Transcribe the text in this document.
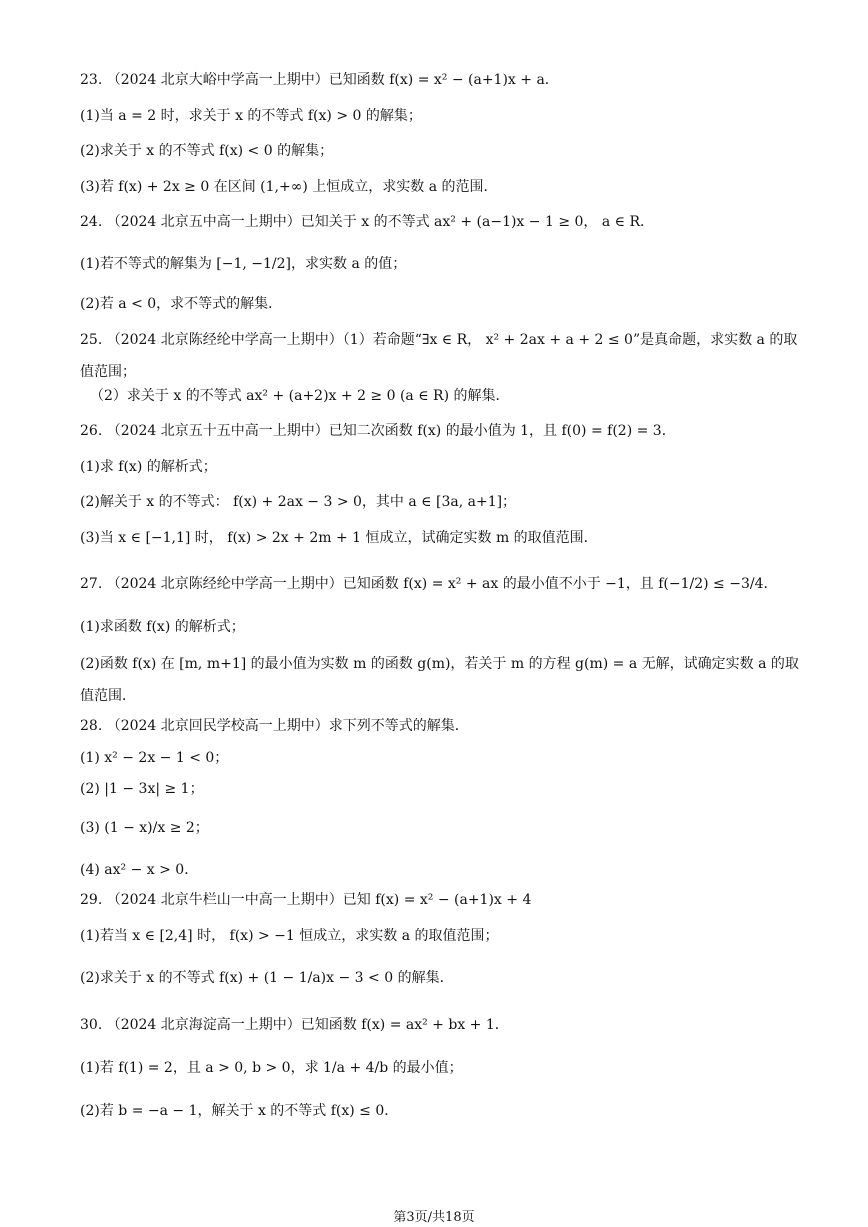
23. （2024 北京大峪中学高一上期中）已知函数 f(x) = x² − (a+1)x + a．
(1)当 a = 2 时，求关于 x 的不等式 f(x) > 0 的解集；
(2)求关于 x 的不等式 f(x) < 0 的解集；
(3)若 f(x) + 2x ≥ 0 在区间 (1,+∞) 上恒成立，求实数 a 的范围．
24. （2024 北京五中高一上期中）已知关于 x 的不等式 ax² + (a−1)x − 1 ≥ 0， a ∈ R．
(1)若不等式的解集为 [−1, −1/2]，求实数 a 的值；
(2)若 a < 0，求不等式的解集．
25. （2024 北京陈经纶中学高一上期中）（1）若命题“∃x ∈ R， x² + 2ax + a + 2 ≤ 0”是真命题，求实数 a 的取值范围；
（2）求关于 x 的不等式 ax² + (a+2)x + 2 ≥ 0 (a ∈ R) 的解集．
26. （2024 北京五十五中高一上期中）已知二次函数 f(x) 的最小值为 1，且 f(0) = f(2) = 3．
(1)求 f(x) 的解析式；
(2)解关于 x 的不等式： f(x) + 2ax − 3 > 0，其中 a ∈ [3a, a+1]；
(3)当 x ∈ [−1,1] 时， f(x) > 2x + 2m + 1 恒成立，试确定实数 m 的取值范围．
27. （2024 北京陈经纶中学高一上期中）已知函数 f(x) = x² + ax 的最小值不小于 −1，且 f(−1/2) ≤ −3/4．
(1)求函数 f(x) 的解析式；
(2)函数 f(x) 在 [m, m+1] 的最小值为实数 m 的函数 g(m)，若关于 m 的方程 g(m) = a 无解，试确定实数 a 的取值范围．
28. （2024 北京回民学校高一上期中）求下列不等式的解集．
(1) x² − 2x − 1 < 0；
(2) |1 − 3x| ≥ 1；
(3) (1 − x)/x ≥ 2；
(4) ax² − x > 0．
29. （2024 北京牛栏山一中高一上期中）已知 f(x) = x² − (a+1)x + 4
(1)若当 x ∈ [2,4] 时， f(x) > −1 恒成立，求实数 a 的取值范围；
(2)求关于 x 的不等式 f(x) + (1 − 1/a)x − 3 < 0 的解集．
30. （2024 北京海淀高一上期中）已知函数 f(x) = ax² + bx + 1．
(1)若 f(1) = 2，且 a > 0, b > 0，求 1/a + 4/b 的最小值；
(2)若 b = −a − 1，解关于 x 的不等式 f(x) ≤ 0．
第3页/共18页
